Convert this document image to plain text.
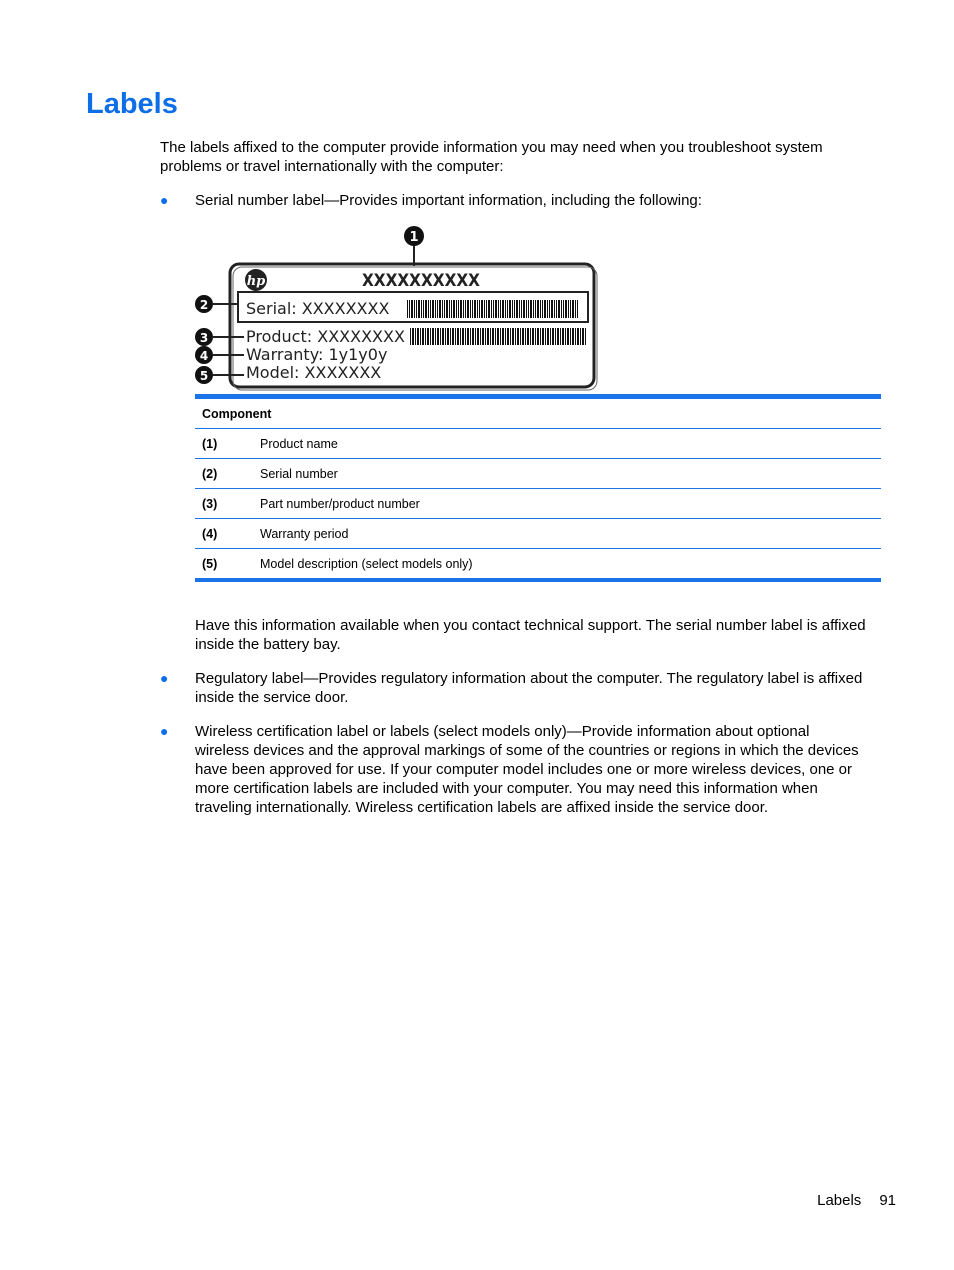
Labels

The labels affixed to the computer provide information you may need when you troubleshoot system problems or travel internationally with the computer:

● Serial number label—Provides important information, including the following:

hp	XXXXXXXXXX
Serial: XXXXXXXX
Product: XXXXXXXX
Warranty: 1y1y0y
Model: XXXXXXX
1
2
3
4
5
Component	
(1)	Product name
(2)	Serial number
(3)	Part number/product number
(4)	Warranty period
(5)	Model description (select models only)

Have this information available when you contact technical support. The serial number label is affixed inside the battery bay.

● Regulatory label—Provides regulatory information about the computer. The regulatory label is affixed inside the service door.

● Wireless certification label or labels (select models only)—Provide information about optional wireless devices and the approval markings of some of the countries or regions in which the devices have been approved for use. If your computer model includes one or more wireless devices, one or more certification labels are included with your computer. You may need this information when traveling internationally. Wireless certification labels are affixed inside the service door.

Labels 91
